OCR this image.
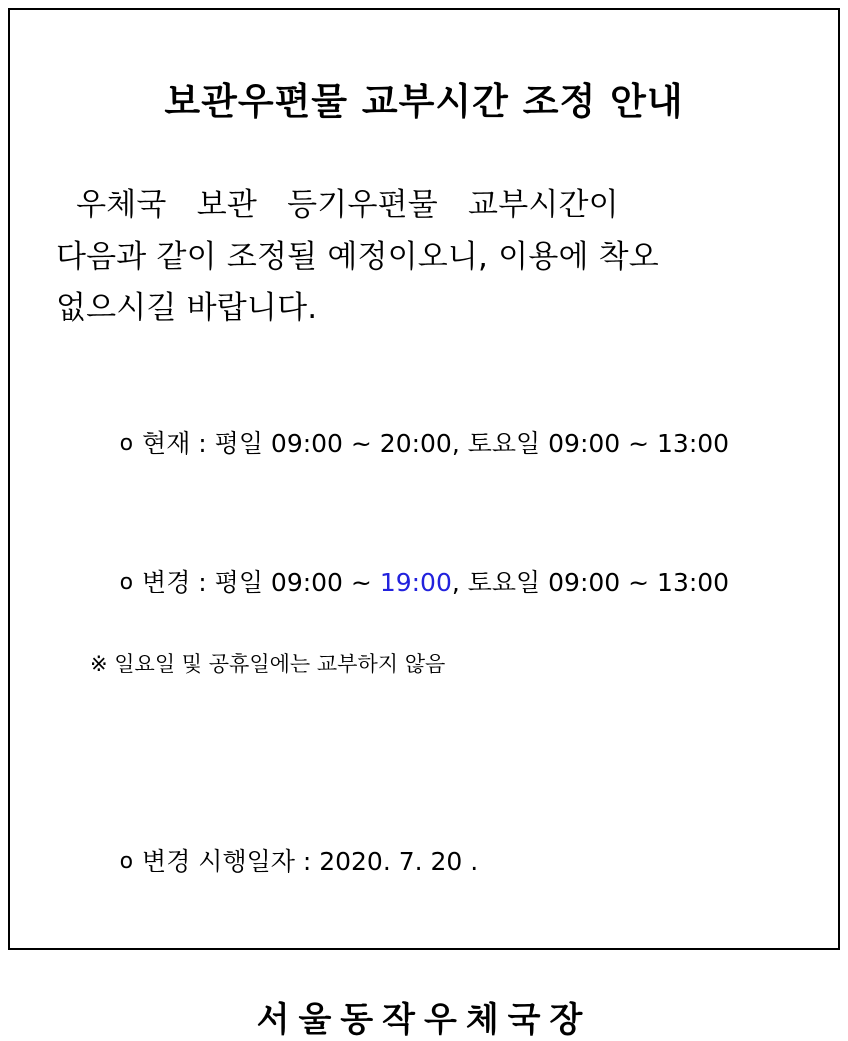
보관우편물 교부시간 조정 안내
우체국   보관   등기우편물   교부시간이
다음과 같이 조정될 예정이오니, 이용에 착오
없으시길 바랍니다.

o 현재 : 평일 09:00 ~ 20:00, 토요일 09:00 ~ 13:00

o 변경 : 평일 09:00 ~ 19:00, 토요일 09:00 ~ 13:00

※ 일요일 및 공휴일에는 교부하지 않음

o 변경 시행일자 : 2020. 7. 20 .

서울동작우체국장
